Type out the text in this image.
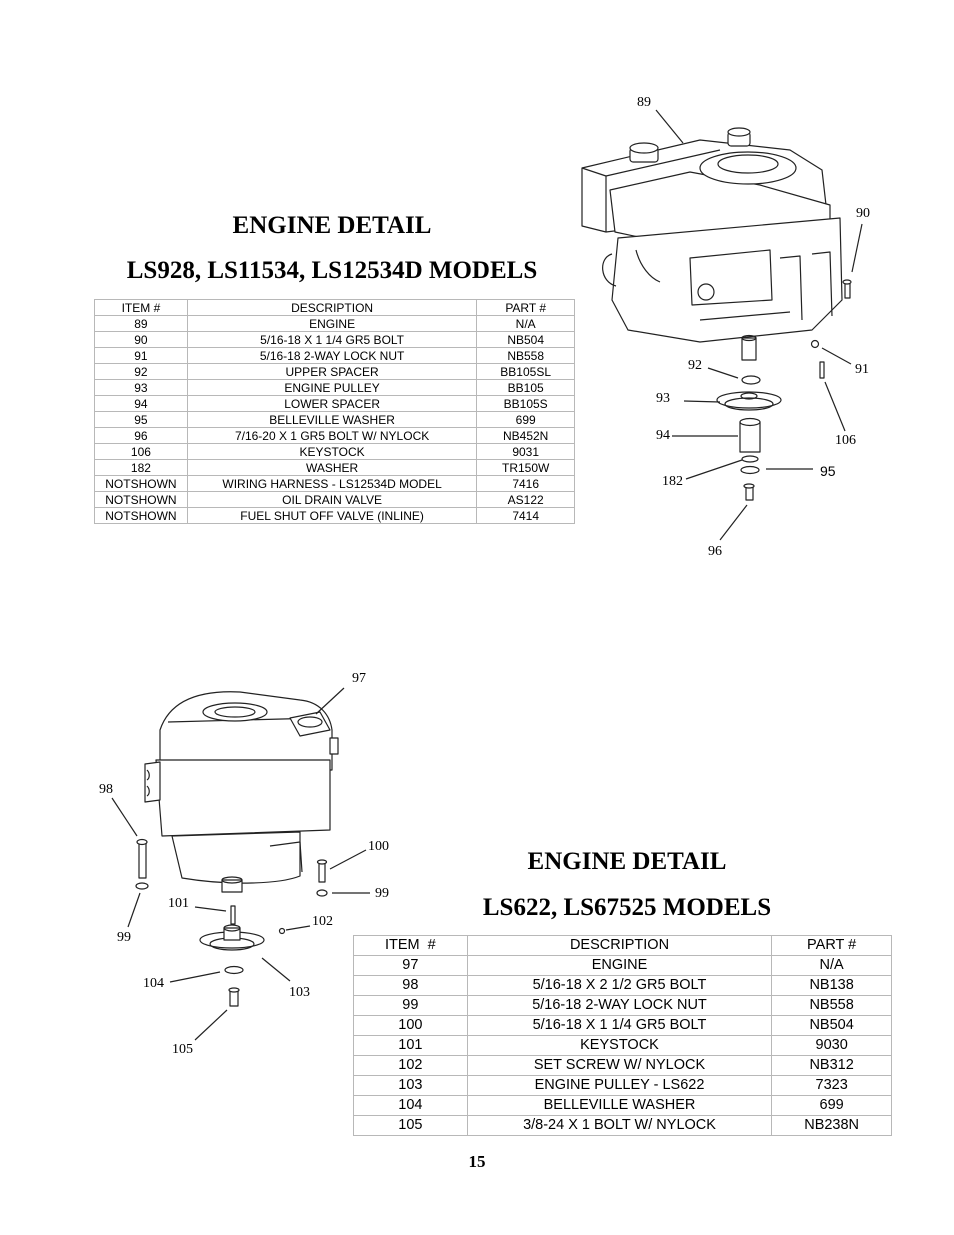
ENGINE DETAIL
LS928, LS11534, LS12534D MODELS
ITEM #	DESCRIPTION	PART #
89	ENGINE	N/A
90	5/16-18 X 1 1/4 GR5 BOLT	NB504
91	5/16-18 2-WAY LOCK NUT	NB558
92	UPPER SPACER	BB105SL
93	ENGINE PULLEY	BB105
94	LOWER SPACER	BB105S
95	BELLEVILLE WASHER	699
96	7/16-20 X 1 GR5 BOLT W/ NYLOCK	NB452N
106	KEYSTOCK	9031
182	WASHER	TR150W
NOTSHOWN	WIRING HARNESS - LS12534D MODEL	7416
NOTSHOWN	OIL DRAIN VALVE	AS122
NOTSHOWN	FUEL SHUT OFF VALVE (INLINE)	7414
89
90
91
92
93
94
95
96
106
182
97
98
99
99
100
101
102
103
104
105
ENGINE DETAIL
LS622, LS67525 MODELS
ITEM  #	DESCRIPTION	PART #
97	ENGINE	N/A
98	5/16-18 X 2 1/2 GR5 BOLT	NB138
99	5/16-18 2-WAY LOCK NUT	NB558
100	5/16-18 X 1 1/4 GR5 BOLT	NB504
101	KEYSTOCK	9030
102	SET SCREW W/ NYLOCK	NB312
103	ENGINE PULLEY - LS622	7323
104	BELLEVILLE WASHER	699
105	3/8-24 X 1 BOLT W/ NYLOCK	NB238N
15
